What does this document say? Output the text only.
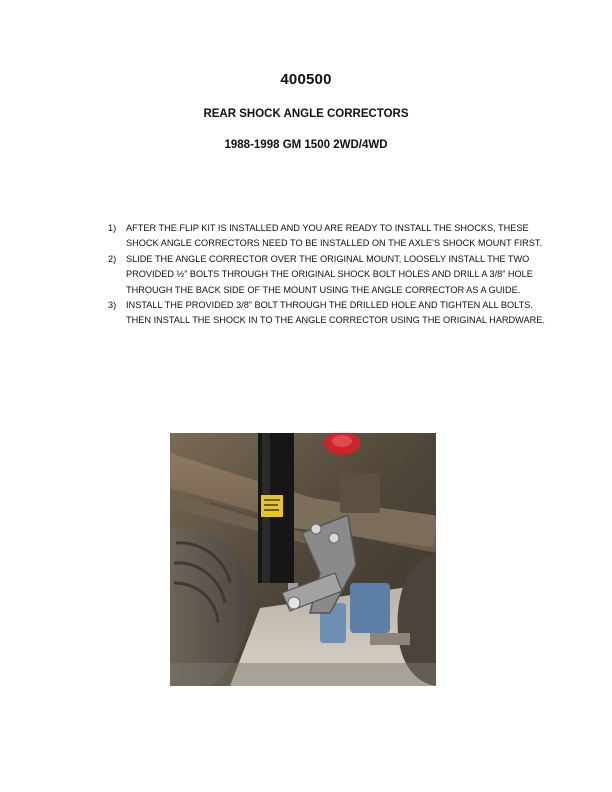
400500
REAR SHOCK ANGLE CORRECTORS
1988-1998 GM 1500 2WD/4WD
1) AFTER THE FLIP KIT IS INSTALLED AND YOU ARE READY TO INSTALL THE SHOCKS, THESE SHOCK ANGLE CORRECTORS NEED TO BE INSTALLED ON THE AXLE’S SHOCK MOUNT FIRST.
2) SLIDE THE ANGLE CORRECTOR OVER THE ORIGINAL MOUNT, LOOSELY INSTALL THE TWO PROVIDED ½” BOLTS THROUGH THE ORIGINAL SHOCK BOLT HOLES AND DRILL A 3/8” HOLE THROUGH THE BACK SIDE OF THE MOUNT USING THE ANGLE CORRECTOR AS A GUIDE.
3) INSTALL THE PROVIDED 3/8” BOLT THROUGH THE DRILLED HOLE AND TIGHTEN ALL BOLTS. THEN INSTALL THE SHOCK IN TO THE ANGLE CORRECTOR USING THE ORIGINAL HARDWARE.
